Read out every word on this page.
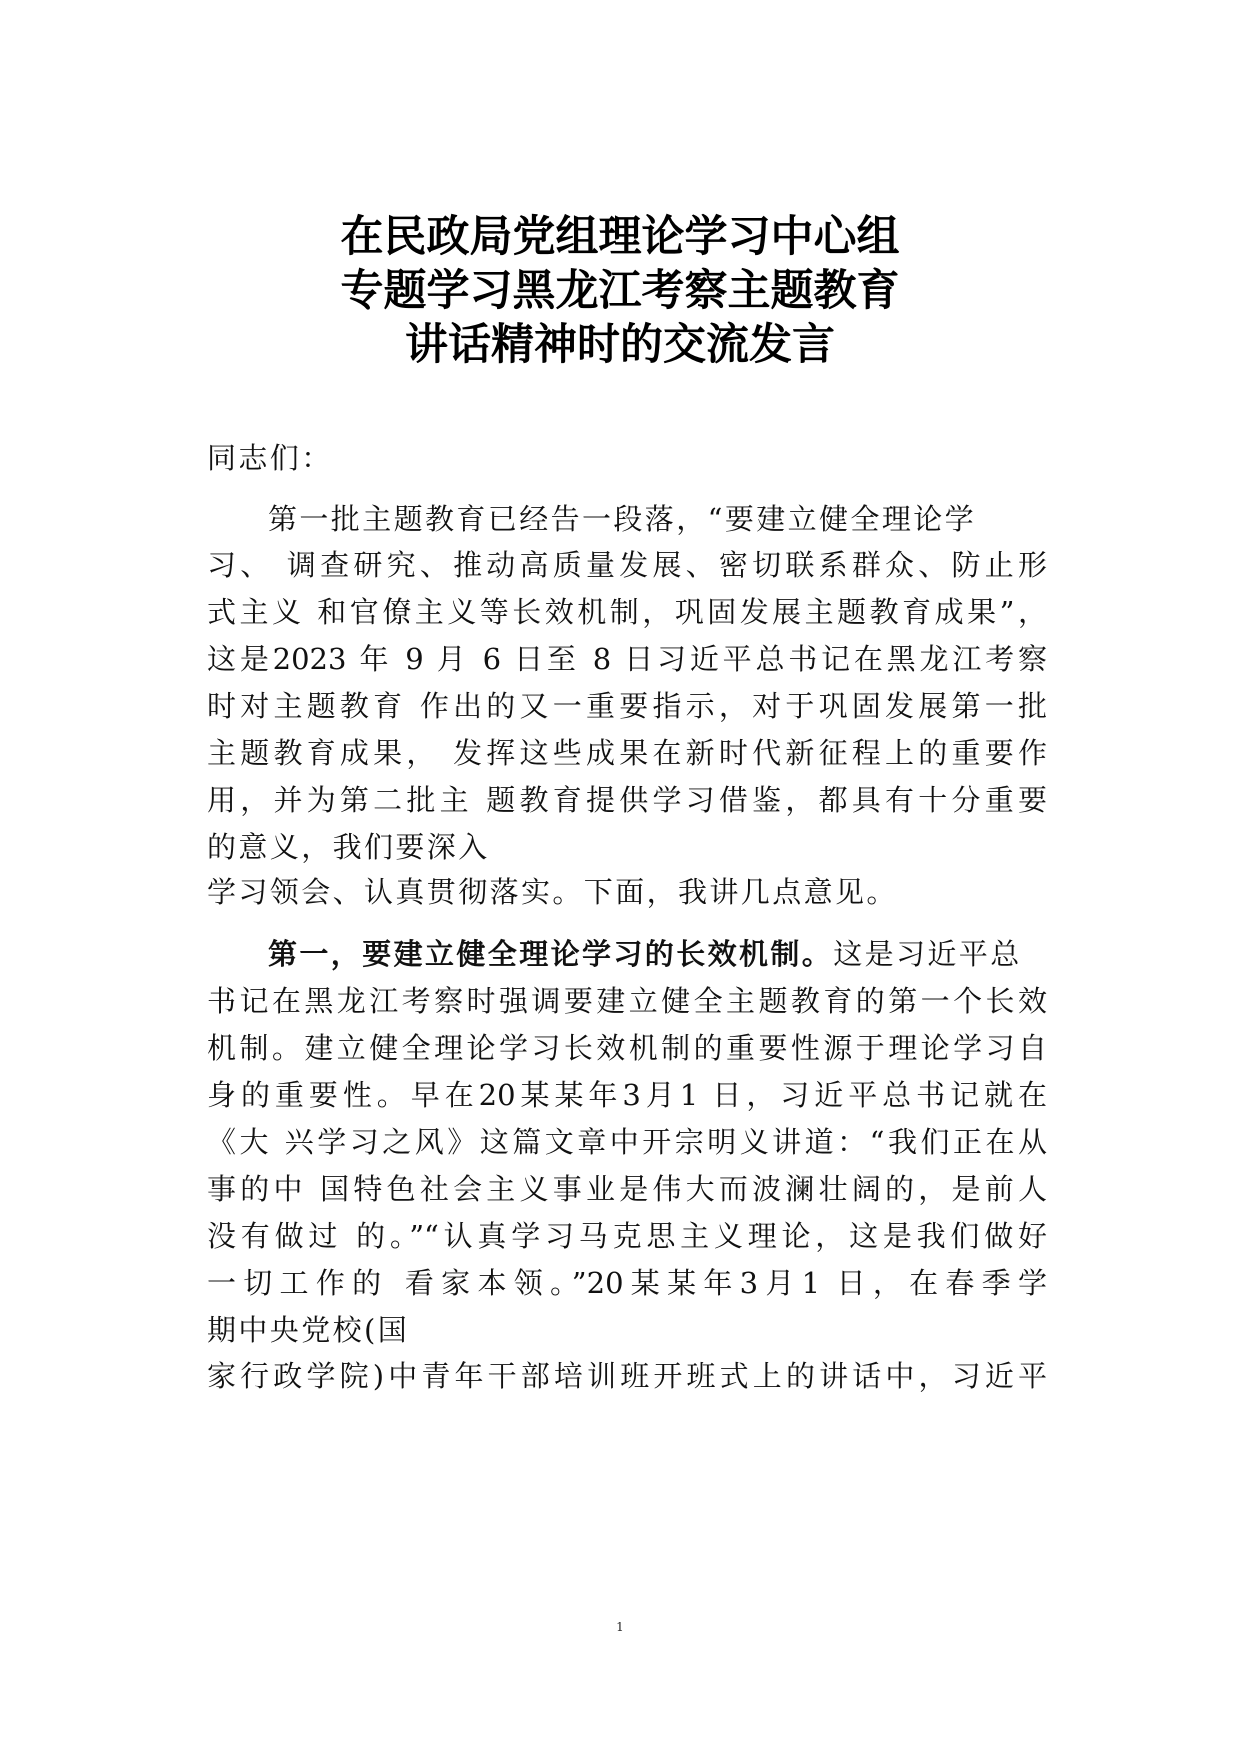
在民政局党组理论学习中心组
专题学习黑龙江考察主题教育
讲话精神时的交流发言
同志们：
第一批主题教育已经告一段落，“要建立健全理论学
习、 调查研究、推动高质量发展、密切联系群众、防止形
式主义 和官僚主义等长效机制，巩固发展主题教育成果”，
这是2023 年 9 月 6 日至 8 日习近平总书记在黑龙江考察
时对主题教育 作出的又一重要指示，对于巩固发展第一批
主题教育成果， 发挥这些成果在新时代新征程上的重要作
用，并为第二批主 题教育提供学习借鉴，都具有十分重要
的意义，我们要深入
学习领会、认真贯彻落实。下面，我讲几点意见。
第一，要建立健全理论学习的长效机制。这是习近平总
书记在黑龙江考察时强调要建立健全主题教育的第一个长效
机制。建立健全理论学习长效机制的重要性源于理论学习自
身的重要性。早在20某某年3月1 日，习近平总书记就在
《大 兴学习之风》这篇文章中开宗明义讲道：“我们正在从
事的中 国特色社会主义事业是伟大而波澜壮阔的，是前人
没有做过 的。”“认真学习马克思主义理论，这是我们做好
一切工作的 看家本领。”20某某年3月1 日，在春季学
期中央党校(国
家行政学院)中青年干部培训班开班式上的讲话中，习近平
1
